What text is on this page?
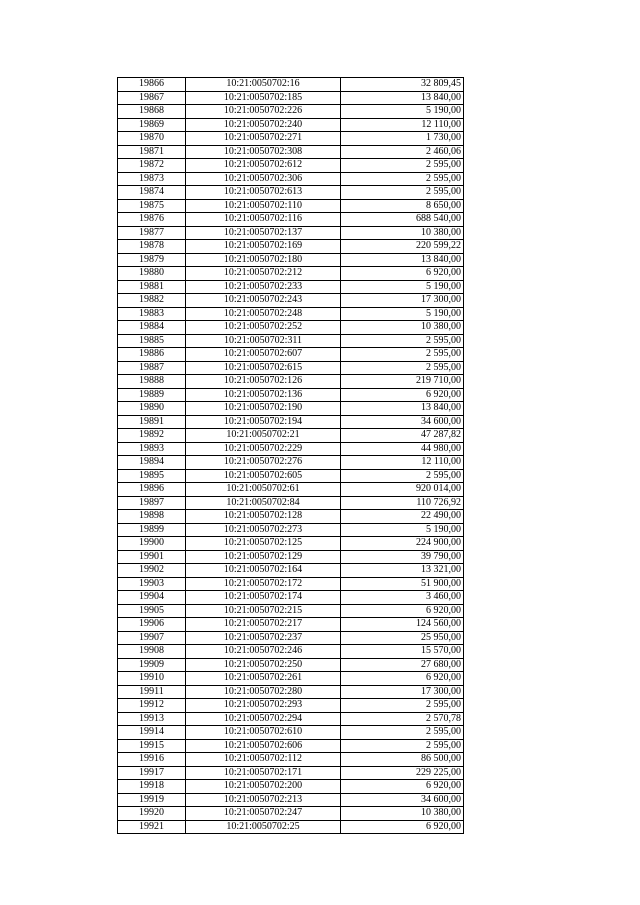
19866	10:21:0050702:16	32 809,45
19867	10:21:0050702:185	13 840,00
19868	10:21:0050702:226	5 190,00
19869	10:21:0050702:240	12 110,00
19870	10:21:0050702:271	1 730,00
19871	10:21:0050702:308	2 460,06
19872	10:21:0050702:612	2 595,00
19873	10:21:0050702:306	2 595,00
19874	10:21:0050702:613	2 595,00
19875	10:21:0050702:110	8 650,00
19876	10:21:0050702:116	688 540,00
19877	10:21:0050702:137	10 380,00
19878	10:21:0050702:169	220 599,22
19879	10:21:0050702:180	13 840,00
19880	10:21:0050702:212	6 920,00
19881	10:21:0050702:233	5 190,00
19882	10:21:0050702:243	17 300,00
19883	10:21:0050702:248	5 190,00
19884	10:21:0050702:252	10 380,00
19885	10:21:0050702:311	2 595,00
19886	10:21:0050702:607	2 595,00
19887	10:21:0050702:615	2 595,00
19888	10:21:0050702:126	219 710,00
19889	10:21:0050702:136	6 920,00
19890	10:21:0050702:190	13 840,00
19891	10:21:0050702:194	34 600,00
19892	10:21:0050702:21	47 287,82
19893	10:21:0050702:229	44 980,00
19894	10:21:0050702:276	12 110,00
19895	10:21:0050702:605	2 595,00
19896	10:21:0050702:61	920 014,00
19897	10:21:0050702:84	110 726,92
19898	10:21:0050702:128	22 490,00
19899	10:21:0050702:273	5 190,00
19900	10:21:0050702:125	224 900,00
19901	10:21:0050702:129	39 790,00
19902	10:21:0050702:164	13 321,00
19903	10:21:0050702:172	51 900,00
19904	10:21:0050702:174	3 460,00
19905	10:21:0050702:215	6 920,00
19906	10:21:0050702:217	124 560,00
19907	10:21:0050702:237	25 950,00
19908	10:21:0050702:246	15 570,00
19909	10:21:0050702:250	27 680,00
19910	10:21:0050702:261	6 920,00
19911	10:21:0050702:280	17 300,00
19912	10:21:0050702:293	2 595,00
19913	10:21:0050702:294	2 570,78
19914	10:21:0050702:610	2 595,00
19915	10:21:0050702:606	2 595,00
19916	10:21:0050702:112	86 500,00
19917	10:21:0050702:171	229 225,00
19918	10:21:0050702:200	6 920,00
19919	10:21:0050702:213	34 600,00
19920	10:21:0050702:247	10 380,00
19921	10:21:0050702:25	6 920,00
